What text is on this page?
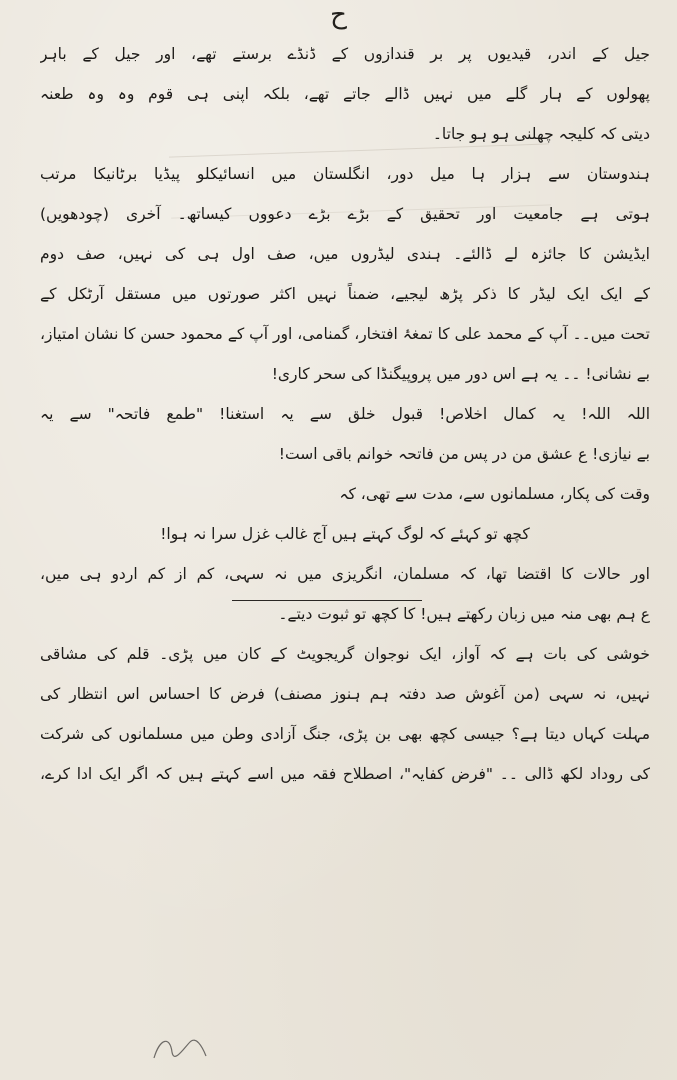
ح
جیل کے اندر، قیدیوں پر بر قندازوں کے ڈنڈے برستے تھے، اور جیل کے باہر
پھولوں کے ہار گلے میں نہیں ڈالے جاتے تھے، بلکہ اپنی ہی قوم وہ وہ طعنہ
دیتی کہ کلیجہ چھلنی ہو ہو جاتا۔
ہندوستان سے ہزار ہا میل دور، انگلستان میں انسائیکلو پیڈیا برٹانیکا مرتب
ہوتی ہے جامعیت اور تحقیق کے بڑے بڑے دعووں کیساتھ۔ آخری (چودھویں)
ایڈیشن کا جائزہ لے ڈالئے۔ ہندی لیڈروں میں، صف اول ہی کی نہیں، صف دوم
کے ایک ایک لیڈر کا ذکر پڑھ لیجیے، ضمناً نہیں اکثر صورتوں میں مستقل آرٹکل کے
تحت میں۔۔ آپ کے محمد علی کا تمغۂ افتخار، گمنامی، اور آپ کے محمود حسن کا نشان امتیاز،
بے نشانی! ۔۔ یہ ہے اس دور میں پروپیگنڈا کی سحر کاری!
اللہ اللہ! یہ کمال اخلاص! قبول خلق سے یہ استغنا! "طمع فاتحہ" سے یہ
بے نیازی! ع عشق من در پس من فاتحہ خوانم باقی است!
وقت کی پکار، مسلمانوں سے، مدت سے تھی، کہ
کچھ تو کہئے کہ لوگ کہتے ہیں آج غالب غزل سرا نہ ہوا!
اور حالات کا اقتضا تھا، کہ مسلمان، انگریزی میں نہ سہی، کم از کم اردو ہی میں،
ع ہم بھی منہ میں زبان رکھتے ہیں! کا کچھ تو ثبوت دیتے۔
خوشی کی بات ہے کہ آواز، ایک نوجوان گریجویٹ کے کان میں پڑی۔ قلم کی مشاقی
نہیں، نہ سہی (من آغوش صد دفتہ ہم ہنوز مصنف) فرض کا احساس اس انتظار کی
مہلت کہاں دیتا ہے؟ جیسی کچھ بھی بن پڑی، جنگ آزادی وطن میں مسلمانوں کی شرکت
کی روداد لکھ ڈالی ۔۔ "فرض کفایہ"، اصطلاح فقہ میں اسے کہتے ہیں کہ اگر ایک ادا کرے،
